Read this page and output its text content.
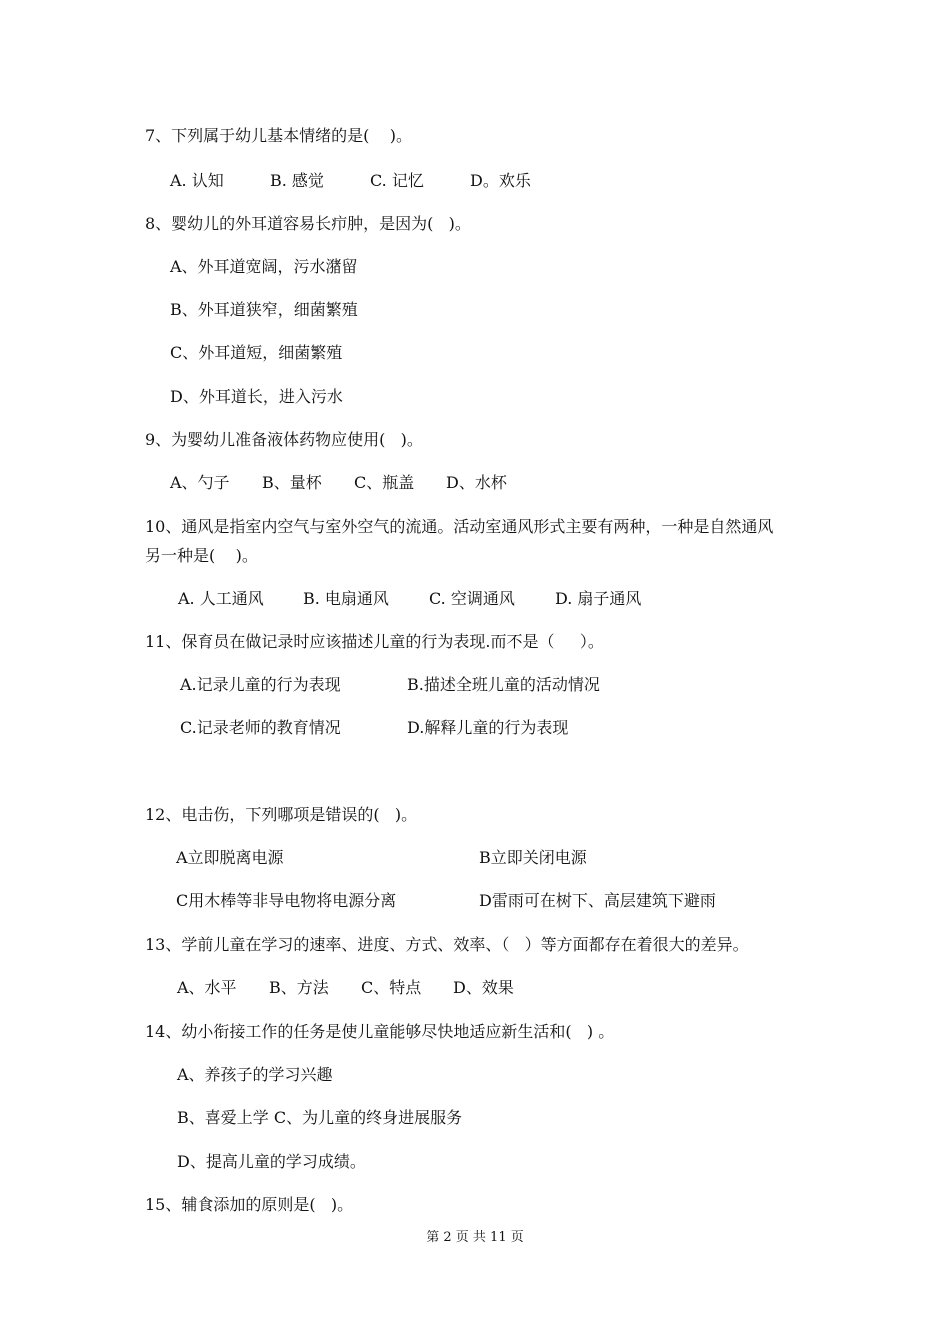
7、下列属于幼儿基本情绪的是(    )。

A. 认知

	B. 感觉

	C. 记忆

	D。欢乐

8、婴幼儿的外耳道容易长疖肿，是因为(   )。
A、外耳道宽阔，污水潴留
B、外耳道狭窄，细菌繁殖
C、外耳道短，细菌繁殖
D、外耳道长，进入污水
9、为婴幼儿准备液体药物应使用(   )。

A、勺子

B、量杯

C、瓶盖

D、水杯

10、通风是指室内空气与室外空气的流通。活动室通风形式主要有两种，一种是自然通风
另一种是(    )。

A. 人工通风

B. 电扇通风

	C. 空调通风

	D. 扇子通风

11、保育员在做记录时应该描述儿童的行为表现.而不是（     ）。

A.记录儿童的行为表现

	B.描述全班儿童的活动情况

C.记录老师的教育情况

	D.解释儿童的行为表现

12、电击伤，下列哪项是错误的(   )。

A立即脱离电源

	B立即关闭电源

C用木棒等非导电物将电源分离

	D雷雨可在树下、高层建筑下避雨

13、学前儿童在学习的速率、进度、方式、效率、（   ）等方面都存在着很大的差异。

A、水平

B、方法

C、特点

D、效果

14、幼小衔接工作的任务是使儿童能够尽快地适应新生活和(   ) 。
A、养孩子的学习兴趣
B、喜爱上学 C、为儿童的终身进展服务
D、提高儿童的学习成绩。
15、辅食添加的原则是(   )。
第 2 页 共 11 页
